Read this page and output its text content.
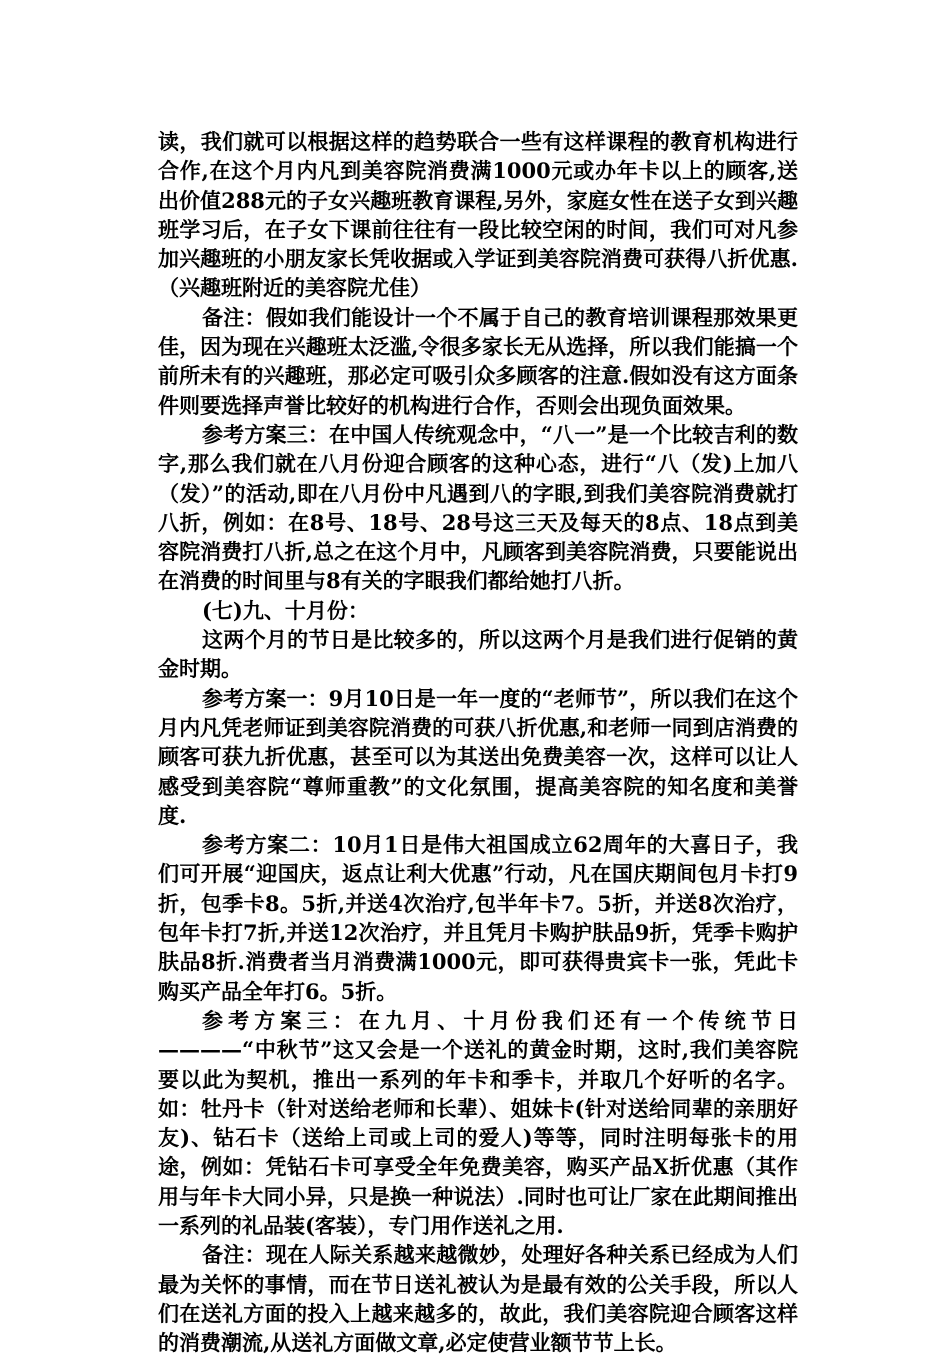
读，我们就可以根据这样的趋势联合一些有这样课程的教育机构进行合作,在这个月内凡到美容院消费满1000元或办年卡以上的顾客,送出价值288元的子女兴趣班教育课程,另外，家庭女性在送子女到兴趣班学习后，在子女下课前往往有一段比较空闲的时间，我们可对凡参加兴趣班的小朋友家长凭收据或入学证到美容院消费可获得八折优惠.（兴趣班附近的美容院尤佳）

备注：假如我们能设计一个不属于自己的教育培训课程那效果更佳，因为现在兴趣班太泛滥,令很多家长无从选择，所以我们能搞一个前所未有的兴趣班，那必定可吸引众多顾客的注意.假如没有这方面条件则要选择声誉比较好的机构进行合作，否则会出现负面效果。

参考方案三：在中国人传统观念中，“八一”是一个比较吉利的数字,那么我们就在八月份迎合顾客的这种心态，进行“八（发)上加八（发）”的活动,即在八月份中凡遇到八的字眼,到我们美容院消费就打八折，例如：在8号、18号、28号这三天及每天的8点、18点到美容院消费打八折,总之在这个月中，凡顾客到美容院消费，只要能说出在消费的时间里与8有关的字眼我们都给她打八折。

(七)九、十月份：

这两个月的节日是比较多的，所以这两个月是我们进行促销的黄金时期。

参考方案一：9月10日是一年一度的“老师节”，所以我们在这个月内凡凭老师证到美容院消费的可获八折优惠,和老师一同到店消费的顾客可获九折优惠，甚至可以为其送出免费美容一次，这样可以让人感受到美容院“尊师重教”的文化氛围，提高美容院的知名度和美誉度.

参考方案二：10月1日是伟大祖国成立62周年的大喜日子，我们可开展“迎国庆，返点让利大优惠”行动，凡在国庆期间包月卡打9折，包季卡8。5折,并送4次治疗,包半年卡7。5折，并送8次治疗，包年卡打7折,并送12次治疗，并且凭月卡购护肤品9折，凭季卡购护肤品8折.消费者当月消费满1000元，即可获得贵宾卡一张，凭此卡购买产品全年打6。5折。

参考方案三：在九月、十月份我们还有一个传统节日————“中秋节”这又会是一个送礼的黄金时期，这时,我们美容院要以此为契机，推出一系列的年卡和季卡，并取几个好听的名字。如：牡丹卡（针对送给老师和长辈）、姐妹卡(针对送给同辈的亲朋好友)、钻石卡（送给上司或上司的爱人)等等，同时注明每张卡的用途，例如：凭钻石卡可享受全年免费美容，购买产品X折优惠（其作用与年卡大同小异，只是换一种说法）.同时也可让厂家在此期间推出一系列的礼品装(客装），专门用作送礼之用.

备注：现在人际关系越来越微妙，处理好各种关系已经成为人们最为关怀的事情，而在节日送礼被认为是最有效的公关手段，所以人们在送礼方面的投入上越来越多的，故此，我们美容院迎合顾客这样的消费潮流,从送礼方面做文章,必定使营业额节节上长。
